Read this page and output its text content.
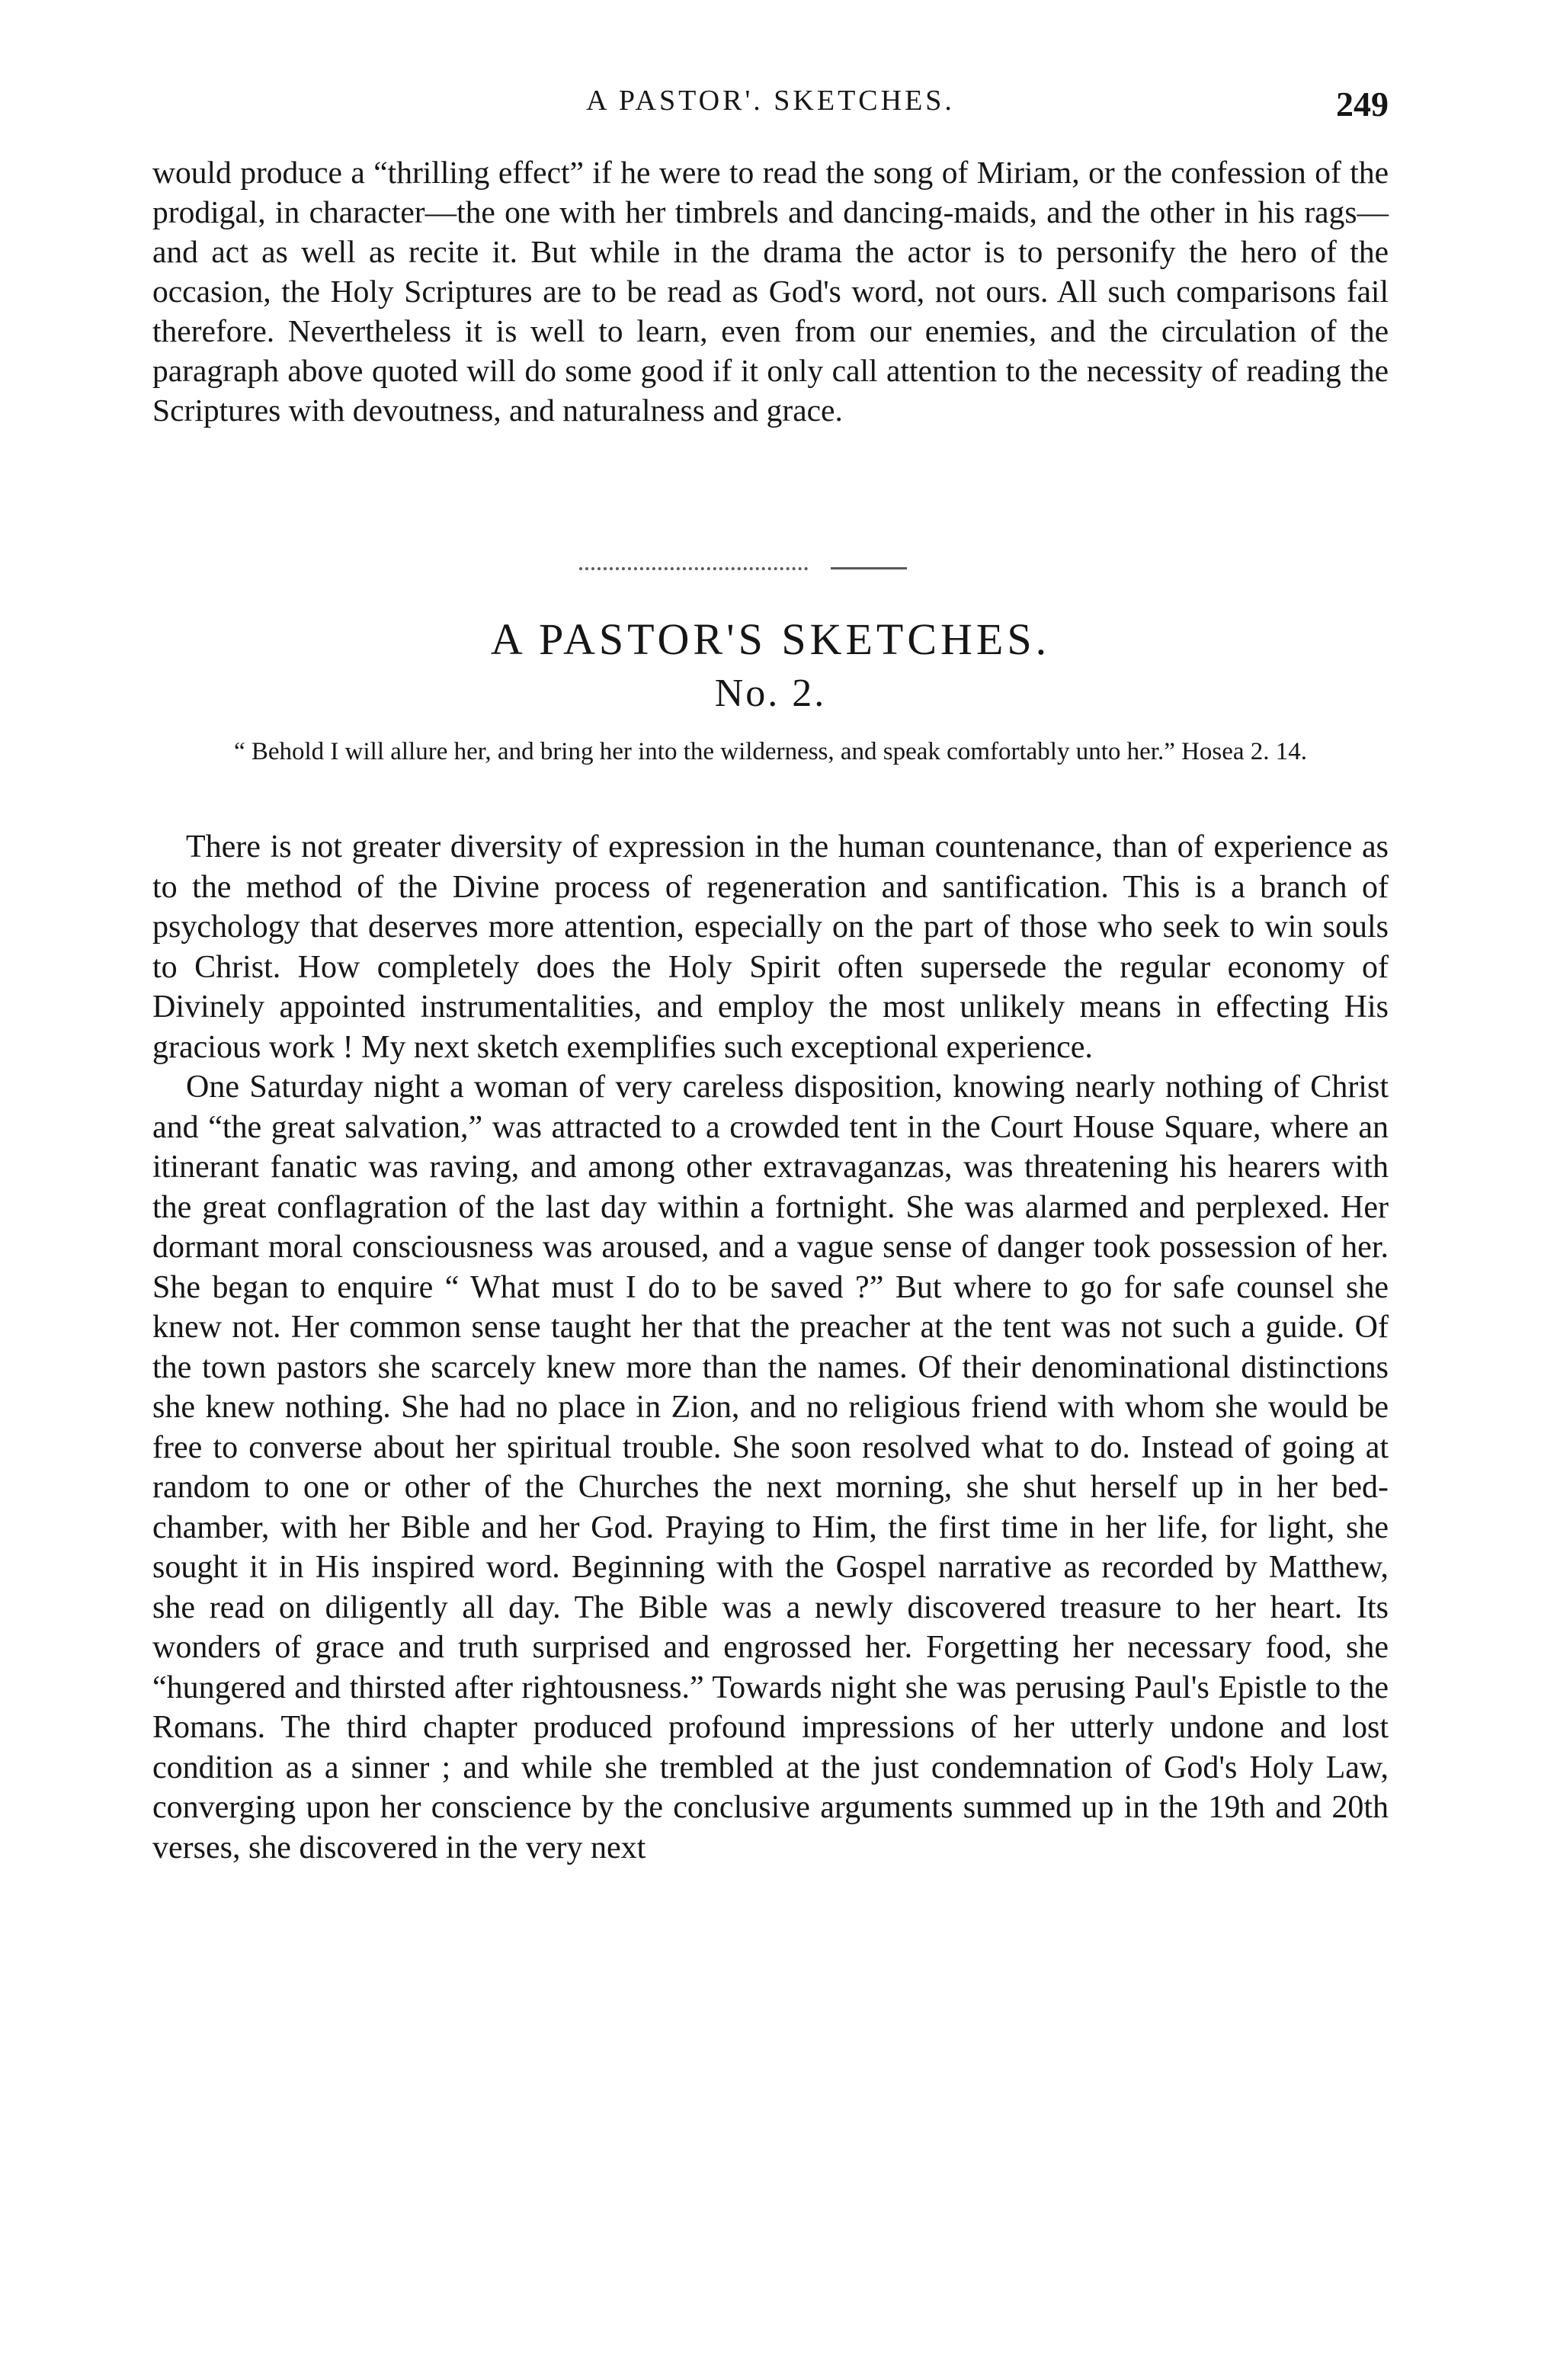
A PASTOR'. SKETCHES.	249

would produce a “thrilling effect” if he were to read the song of Miriam, or the confession of the prodigal, in character—the one with her timbrels and dancing-maids, and the other in his rags—and act as well as recite it. But while in the drama the actor is to personify the hero of the occasion, the Holy Scriptures are to be read as God's word, not ours. All such comparisons fail therefore. Nevertheless it is well to learn, even from our enemies, and the circulation of the paragraph above quoted will do some good if it only call attention to the necessity of reading the Scriptures with devoutness, and naturalness and grace.

A PASTOR'S SKETCHES.
No. 2.
“ Behold I will allure her, and bring her into the wilderness, and speak comfortably unto her.” Hosea 2. 14.

There is not greater diversity of expression in the human countenance, than of experience as to the method of the Divine process of regeneration and santification. This is a branch of psychology that deserves more attention, especially on the part of those who seek to win souls to Christ. How completely does the Holy Spirit often supersede the regular economy of Divinely appointed instrumentalities, and employ the most unlikely means in effecting His gracious work ! My next sketch exemplifies such exceptional experience.

One Saturday night a woman of very careless disposition, knowing nearly nothing of Christ and “the great salvation,” was attracted to a crowded tent in the Court House Square, where an itinerant fanatic was raving, and among other extravaganzas, was threatening his hearers with the great conflagration of the last day within a fortnight. She was alarmed and perplexed. Her dormant moral consciousness was aroused, and a vague sense of danger took possession of her. She began to enquire “ What must I do to be saved ?” But where to go for safe counsel she knew not. Her common sense taught her that the preacher at the tent was not such a guide. Of the town pastors she scarcely knew more than the names. Of their denominational distinctions she knew nothing. She had no place in Zion, and no religious friend with whom she would be free to converse about her spiritual trouble. She soon resolved what to do. Instead of going at random to one or other of the Churches the next morning, she shut herself up in her bed-chamber, with her Bible and her God. Praying to Him, the first time in her life, for light, she sought it in His inspired word. Beginning with the Gospel narrative as recorded by Matthew, she read on diligently all day. The Bible was a newly discovered treasure to her heart. Its wonders of grace and truth surprised and engrossed her. Forgetting her necessary food, she “hungered and thirsted after rightousness.” Towards night she was perusing Paul's Epistle to the Romans. The third chapter produced profound impressions of her utterly undone and lost condition as a sinner ; and while she trembled at the just condemnation of God's Holy Law, converging upon her conscience by the conclusive arguments summed up in the 19th and 20th verses, she discovered in the very next
